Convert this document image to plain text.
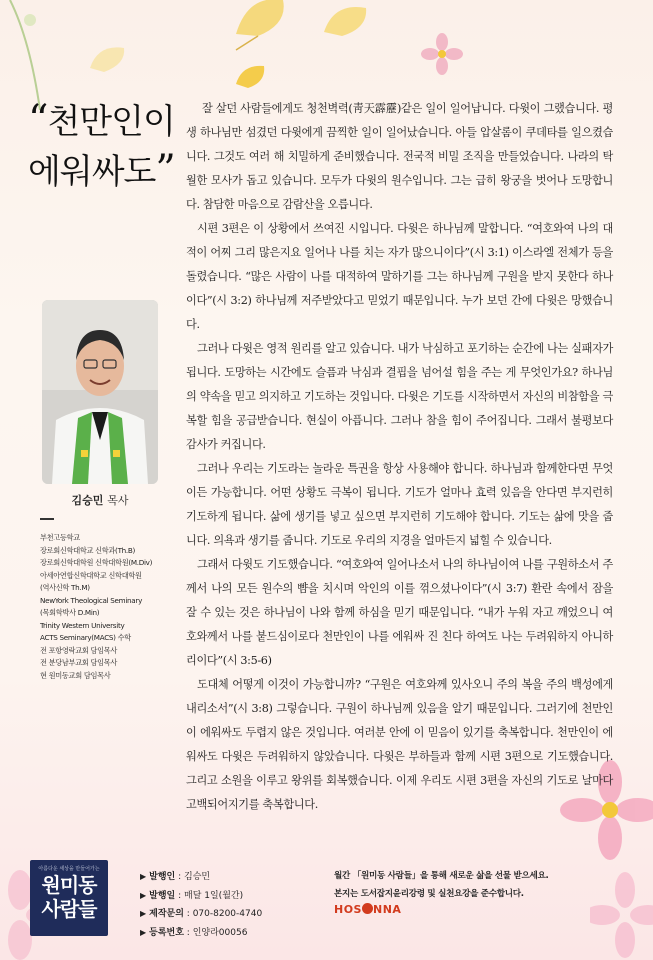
“천만인이
에워싸도”
김승민 목사
부천고등학교
장로회신학대학교 신학과(Th.B)
장로회신학대학원 신학대학원(M.Div)
아세아연합신학대학교 신학대학원
(역사신학 Th.M)
NewYork Theological Seminary
(목회학박사 D.Min)
Trinity Western University
ACTS Seminary(MACS) 수학
전 포항영락교회 담임목사
전 분당남부교회 담임목사
현 원미동교회 담임목사

잘 살던 사람들에게도 청천벽력(靑天霹靂)같은 일이 일어납니다. 다윗이 그랬습니다. 평생 하나님만 섬겼던 다윗에게 끔찍한 일이 일어났습니다. 아들 압살롬이 쿠데타를 일으켰습니다. 그것도 여러 해 치밀하게 준비했습니다. 전국적 비밀 조직을 만들었습니다. 나라의 탁월한 모사가 돕고 있습니다. 모두가 다윗의 원수입니다. 그는 급히 왕궁을 벗어나 도망합니다. 참담한 마음으로 감람산을 오릅니다.

시편 3편은 이 상황에서 쓰여진 시입니다. 다윗은 하나님께 말합니다. “여호와여 나의 대적이 어찌 그리 많은지요 일어나 나를 치는 자가 많으니이다”(시 3:1) 이스라엘 전체가 등을 돌렸습니다. “많은 사람이 나를 대적하여 말하기를 그는 하나님께 구원을 받지 못한다 하나이다”(시 3:2) 하나님께 저주받았다고 믿었기 때문입니다. 누가 보던 간에 다윗은 망했습니다.

그러나 다윗은 영적 원리를 알고 있습니다. 내가 낙심하고 포기하는 순간에 나는 실패자가 됩니다. 도망하는 시간에도 슬픔과 낙심과 결핍을 넘어설 힘을 주는 게 무엇인가요? 하나님의 약속을 믿고 의지하고 기도하는 것입니다. 다윗은 기도를 시작하면서 자신의 비참함을 극복할 힘을 공급받습니다. 현실이 아픕니다. 그러나 참을 힘이 주어집니다. 그래서 불평보다 감사가 커집니다.

그러나 우리는 기도라는 놀라운 특권을 항상 사용해야 합니다. 하나님과 함께한다면 무엇이든 가능합니다. 어떤 상황도 극복이 됩니다. 기도가 얼마나 효력 있음을 안다면 부지런히 기도하게 됩니다. 삶에 생기를 넣고 싶으면 부지런히 기도해야 합니다. 기도는 삶에 맛을 줍니다. 의욕과 생기를 줍니다. 기도로 우리의 지경을 얼마든지 넓힐 수 있습니다.

그래서 다윗도 기도했습니다. “여호와여 일어나소서 나의 하나님이여 나를 구원하소서 주께서 나의 모든 원수의 뺨을 치시며 악인의 이를 꺾으셨나이다”(시 3:7) 환란 속에서 잠을 잘 수 있는 것은 하나님이 나와 함께 하심을 믿기 때문입니다. “내가 누워 자고 깨었으니 여호와께서 나를 붙드심이로다 천만인이 나를 에워싸 진 친다 하여도 나는 두려워하지 아니하리이다”(시 3:5-6)

도대체 어떻게 이것이 가능합니까? “구원은 여호와께 있사오니 주의 복을 주의 백성에게 내리소서”(시 3:8) 그렇습니다. 구원이 하나님께 있음을 알기 때문입니다. 그러기에 천만인이 에워싸도 두렵지 않은 것입니다. 여러분 안에 이 믿음이 있기를 축복합니다. 천만인이 에워싸도 다윗은 두려워하지 않았습니다. 다윗은 부하들과 함께 시편 3편으로 기도했습니다. 그리고 소원을 이루고 왕위를 회복했습니다. 이제 우리도 시편 3편을 자신의 기도로 날마다 고백되어지기를 축복합니다.

아름다운 세상을 만들어가는
원미동
사람들
▶ 발행인 : 김승민
▶ 발행일 : 매달 1일(월간)
▶ 제작문의 : 070-8200-4740
▶ 등록번호 : 인양라00056
월간 「원미동 사람들」을 통해 새로운 삶을 선물 받으세요.
본지는 도서잡지윤리강령 및 실천요강을 준수합니다.
HOS NNA
